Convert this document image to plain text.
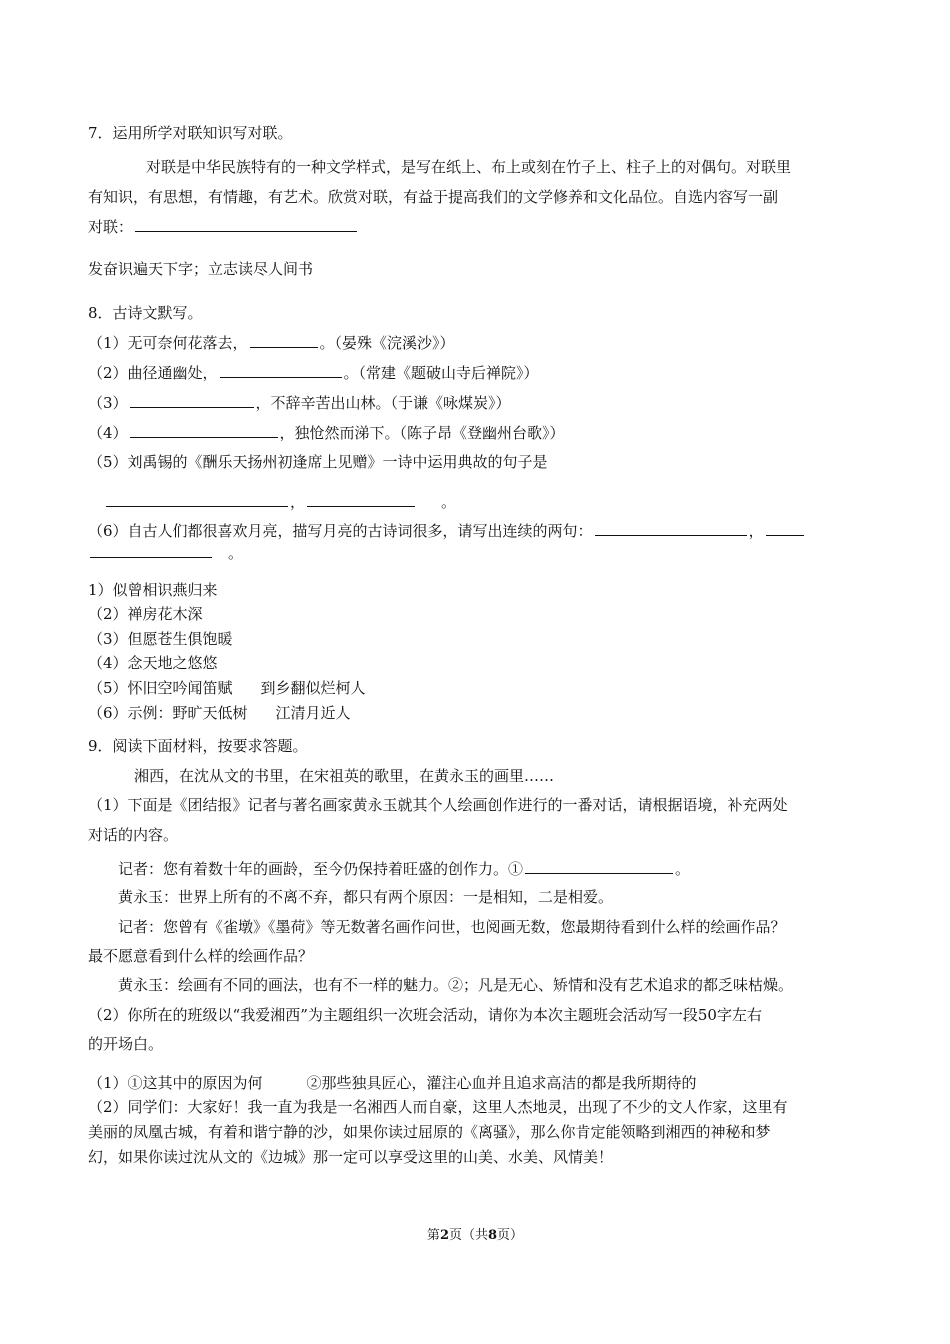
7．运用所学对联知识写对联。
对联是中华民族特有的一种文学样式，是写在纸上、布上或刻在竹子上、柱子上的对偶句。对联里
有知识，有思想，有情趣，有艺术。欣赏对联，有益于提高我们的文学修养和文化品位。自选内容写一副
对联：
发奋识遍天下字；立志读尽人间书
8．古诗文默写。
（1）无可奈何花落去，	。（晏殊《浣溪沙》）
（2）曲径通幽处，	。（常建《题破山寺后禅院》）
（3）	，不辞辛苦出山林。（于谦《咏煤炭》）
（4）	，独怆然而涕下。（陈子昂《登幽州台歌》）
（5）刘禹锡的《酬乐天扬州初逢席上见赠》一诗中运用典故的句子是
，	。
（6）自古人们都很喜欢月亮，描写月亮的古诗词很多，请写出连续的两句：	，
。
1）似曾相识燕归来
（2）禅房花木深
（3）但愿苍生俱饱暖
（4）念天地之悠悠
（5）怀旧空吟闻笛赋 到乡翻似烂柯人
（6）示例：野旷天低树 江清月近人
9．阅读下面材料，按要求答题。
湘西，在沈从文的书里，在宋祖英的歌里，在黄永玉的画里……
（1）下面是《团结报》记者与著名画家黄永玉就其个人绘画创作进行的一番对话，请根据语境，补充两处
对话的内容。
记者：您有着数十年的画龄，至今仍保持着旺盛的创作力。①	。
黄永玉：世界上所有的不离不弃，都只有两个原因：一是相知，二是相爱。
记者：您曾有《雀墩》《墨荷》等无数著名画作问世，也阅画无数，您最期待看到什么样的绘画作品？
最不愿意看到什么样的绘画作品？
黄永玉：绘画有不同的画法，也有不一样的魅力。②；凡是无心、矫情和没有艺术追求的都乏味枯燥。
（2）你所在的班级以“我爱湘西”为主题组织一次班会活动，请你为本次主题班会活动写一段50字左右
的开场白。
（1）①这其中的原因为何	②那些独具匠心，灌注心血并且追求高洁的都是我所期待的
（2）同学们：大家好！我一直为我是一名湘西人而自豪，这里人杰地灵，出现了不少的文人作家，这里有
美丽的凤凰古城，有着和谐宁静的沙，如果你读过屈原的《离骚》，那么你肯定能领略到湘西的神秘和梦
幻，如果你读过沈从文的《边城》那一定可以享受这里的山美、水美、风情美！
第2页（共8页）
